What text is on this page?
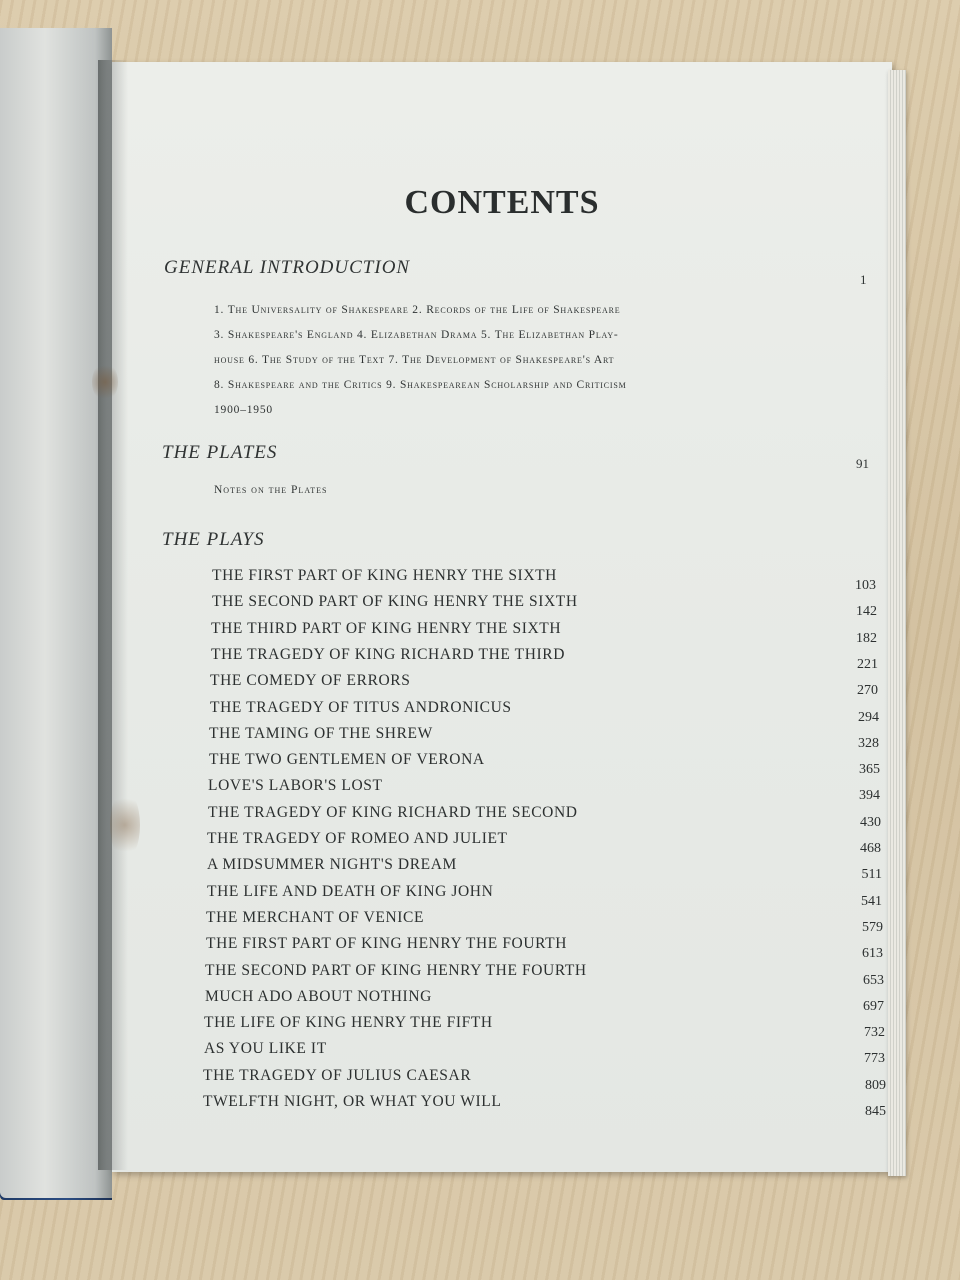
CONTENTS
GENERAL INTRODUCTION
1
1. The Universality of Shakespeare 2. Records of the Life of Shakespeare
3. Shakespeare's England 4. Elizabethan Drama 5. The Elizabethan Play-
house 6. The Study of the Text 7. The Development of Shakespeare's Art
8. Shakespeare and the Critics 9. Shakespearean Scholarship and Criticism
1900–1950
THE PLATES
91
Notes on the Plates
THE PLAYS
THE FIRST PART OF KING HENRY THE SIXTH
103
THE SECOND PART OF KING HENRY THE SIXTH
142
THE THIRD PART OF KING HENRY THE SIXTH
182
THE TRAGEDY OF KING RICHARD THE THIRD
221
THE COMEDY OF ERRORS
270
THE TRAGEDY OF TITUS ANDRONICUS
294
THE TAMING OF THE SHREW
328
THE TWO GENTLEMEN OF VERONA
365
LOVE'S LABOR'S LOST
394
THE TRAGEDY OF KING RICHARD THE SECOND
430
THE TRAGEDY OF ROMEO AND JULIET
468
A MIDSUMMER NIGHT'S DREAM
511
THE LIFE AND DEATH OF KING JOHN
541
THE MERCHANT OF VENICE
579
THE FIRST PART OF KING HENRY THE FOURTH
613
THE SECOND PART OF KING HENRY THE FOURTH
653
MUCH ADO ABOUT NOTHING
697
THE LIFE OF KING HENRY THE FIFTH
732
AS YOU LIKE IT
773
THE TRAGEDY OF JULIUS CAESAR
809
TWELFTH NIGHT, OR WHAT YOU WILL
845
